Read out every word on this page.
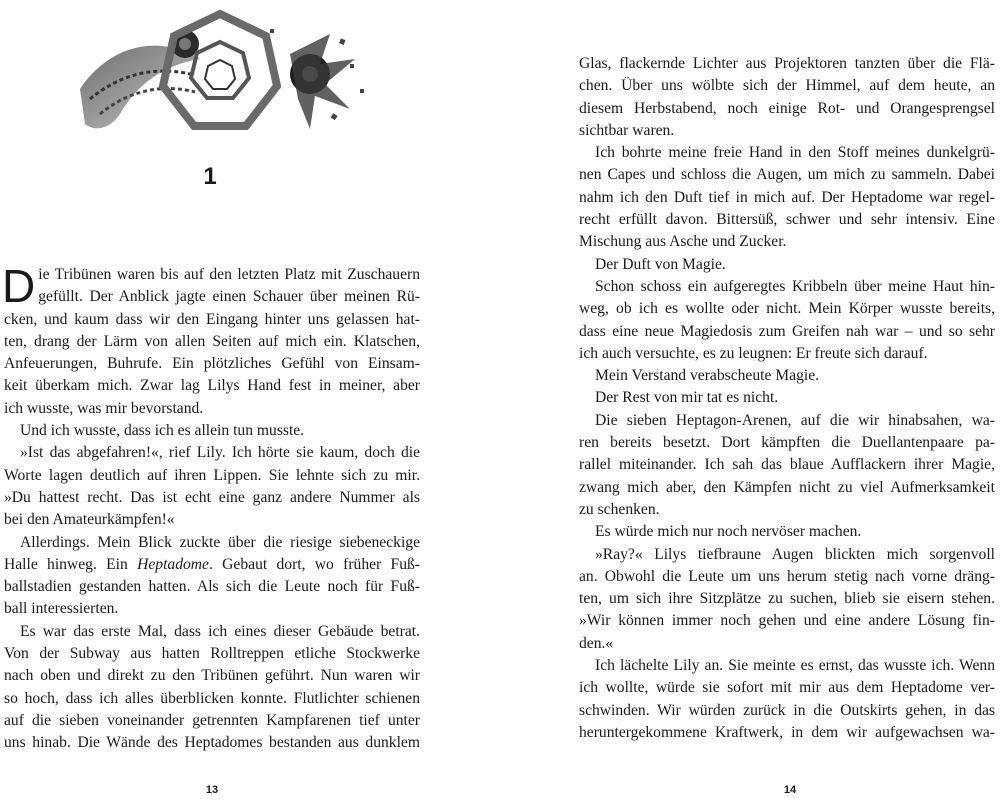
1
D ie Tribünen waren bis auf den letzten Platz mit Zuschauern
gefüllt. Der Anblick jagte einen Schauer über meinen Rü-
cken, und kaum dass wir den Eingang hinter uns gelassen hat-
ten, drang der Lärm von allen Seiten auf mich ein. Klatschen,
Anfeuerungen, Buhrufe. Ein plötzliches Gefühl von Einsam-
keit überkam mich. Zwar lag Lilys Hand fest in meiner, aber
ich wusste, was mir bevorstand.
Und ich wusste, dass ich es allein tun musste.
»Ist das abgefahren!«, rief Lily. Ich hörte sie kaum, doch die
Worte lagen deutlich auf ihren Lippen. Sie lehnte sich zu mir.
»Du hattest recht. Das ist echt eine ganz andere Nummer als
bei den Amateurkämpfen!«
Allerdings. Mein Blick zuckte über die riesige siebeneckige
Halle hinweg. Ein Heptadome. Gebaut dort, wo früher Fuß-
ballstadien gestanden hatten. Als sich die Leute noch für Fuß-
ball interessierten.
Es war das erste Mal, dass ich eines dieser Gebäude betrat.
Von der Subway aus hatten Rolltreppen etliche Stockwerke
nach oben und direkt zu den Tribünen geführt. Nun waren wir
so hoch, dass ich alles überblicken konnte. Flutlichter schienen
auf die sieben voneinander getrennten Kampfarenen tief unter
uns hinab. Die Wände des Heptadomes bestanden aus dunklem
13
Glas, flackernde Lichter aus Projektoren tanzten über die Flä-
chen. Über uns wölbte sich der Himmel, auf dem heute, an
diesem Herbstabend, noch einige Rot- und Orangesprengsel
sichtbar waren.
Ich bohrte meine freie Hand in den Stoff meines dunkelgrü-
nen Capes und schloss die Augen, um mich zu sammeln. Dabei
nahm ich den Duft tief in mich auf. Der Heptadome war regel-
recht erfüllt davon. Bittersüß, schwer und sehr intensiv. Eine
Mischung aus Asche und Zucker.
Der Duft von Magie.
Schon schoss ein aufgeregtes Kribbeln über meine Haut hin-
weg, ob ich es wollte oder nicht. Mein Körper wusste bereits,
dass eine neue Magiedosis zum Greifen nah war – und so sehr
ich auch versuchte, es zu leugnen: Er freute sich darauf.
Mein Verstand verabscheute Magie.
Der Rest von mir tat es nicht.
Die sieben Heptagon-Arenen, auf die wir hinabsahen, wa-
ren bereits besetzt. Dort kämpften die Duellantenpaare pa-
rallel miteinander. Ich sah das blaue Aufflackern ihrer Magie,
zwang mich aber, den Kämpfen nicht zu viel Aufmerksamkeit
zu schenken.
Es würde mich nur noch nervöser machen.
»Ray?« Lilys tiefbraune Augen blickten mich sorgenvoll
an. Obwohl die Leute um uns herum stetig nach vorne dräng-
ten, um sich ihre Sitzplätze zu suchen, blieb sie eisern stehen.
»Wir können immer noch gehen und eine andere Lösung fin-
den.«
Ich lächelte Lily an. Sie meinte es ernst, das wusste ich. Wenn
ich wollte, würde sie sofort mit mir aus dem Heptadome ver-
schwinden. Wir würden zurück in die Outskirts gehen, in das
heruntergekommene Kraftwerk, in dem wir aufgewachsen wa-
14
